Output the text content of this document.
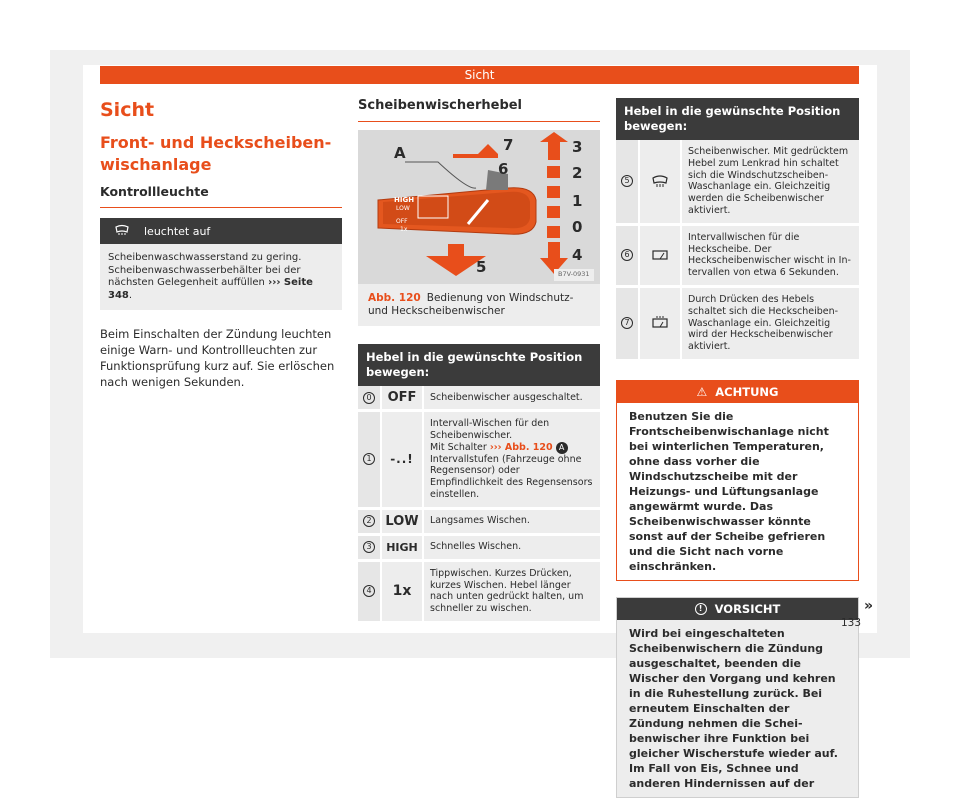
Sicht
Sicht
Front- und Heckscheiben-wischanlage
Kontrollleuchte
leuchtet auf
Scheibenwaschwasserstand zu gering. Scheibenwaschwasserbehälter bei der nächsten Gelegenheit auffüllen ››› Seite 348.
Beim Einschalten der Zündung leuchten einige Warn- und Kontrollleuchten zur Funktionsprüfung kurz auf. Sie erlöschen nach wenigen Sekunden.
Scheibenwischerhebel
B7V-0931
A	7
6
5
3
2
1
0
4
HIGH
LOW
OFF
1x
Abb. 120 Bedienung von Windschutz- und Heckscheibenwischer
Hebel in die gewünschte Position bewegen:
0	OFF	Scheibenwischer ausgeschaltet.
1	-..!
Intervall-Wischen für den Scheibenwischer.
Mit Schalter ››› Abb. 120 A Intervallstufen (Fahrzeuge ohne Regensensor) oder Empfindlichkeit des Regensensors einstellen.
2	LOW	Langsames Wischen.
3	HIGH	Schnelles Wischen.
4	1x
Tippwischen. Kurzes Drücken, kurzes Wischen. Hebel länger nach unten gedrückt halten, um schneller zu wischen.
Hebel in die gewünschte Position bewegen:
5
Scheibenwischer. Mit gedrücktem Hebel zum Lenkrad hin schaltet sich die Windschutzscheiben-Waschanlage ein. Gleichzeitig werden die Scheibenwischer aktiviert.
6
Intervallwischen für die Heckscheibe. Der Heckscheibenwischer wischt in Intervallen von etwa 6 Sekunden.
7
Durch Drücken des Hebels schaltet sich die Heckscheiben-Waschanlage ein. Gleichzeitig wird der Heckscheibenwischer aktiviert.
⚠ ACHTUNG
Benutzen Sie die Frontscheibenwischanlage nicht bei winterlichen Temperaturen, ohne dass vorher die Windschutzscheibe mit der Heizungs- und Lüftungsanlage angewärmt wurde. Das Scheibenwischwasser könnte sonst auf der Scheibe gefrieren und die Sicht nach vorne einschränken.
!	VORSICHT
Wird bei eingeschalteten Scheibenwischern die Zündung ausgeschaltet, beenden die Wischer den Vorgang und kehren in die Ruhestellung zurück. Bei erneutem Einschalten der Zündung nehmen die Scheibenwischer ihre Funktion bei gleicher Wischerstufe wieder auf. Im Fall von Eis, Schnee und anderen Hindernissen auf der
»
133
